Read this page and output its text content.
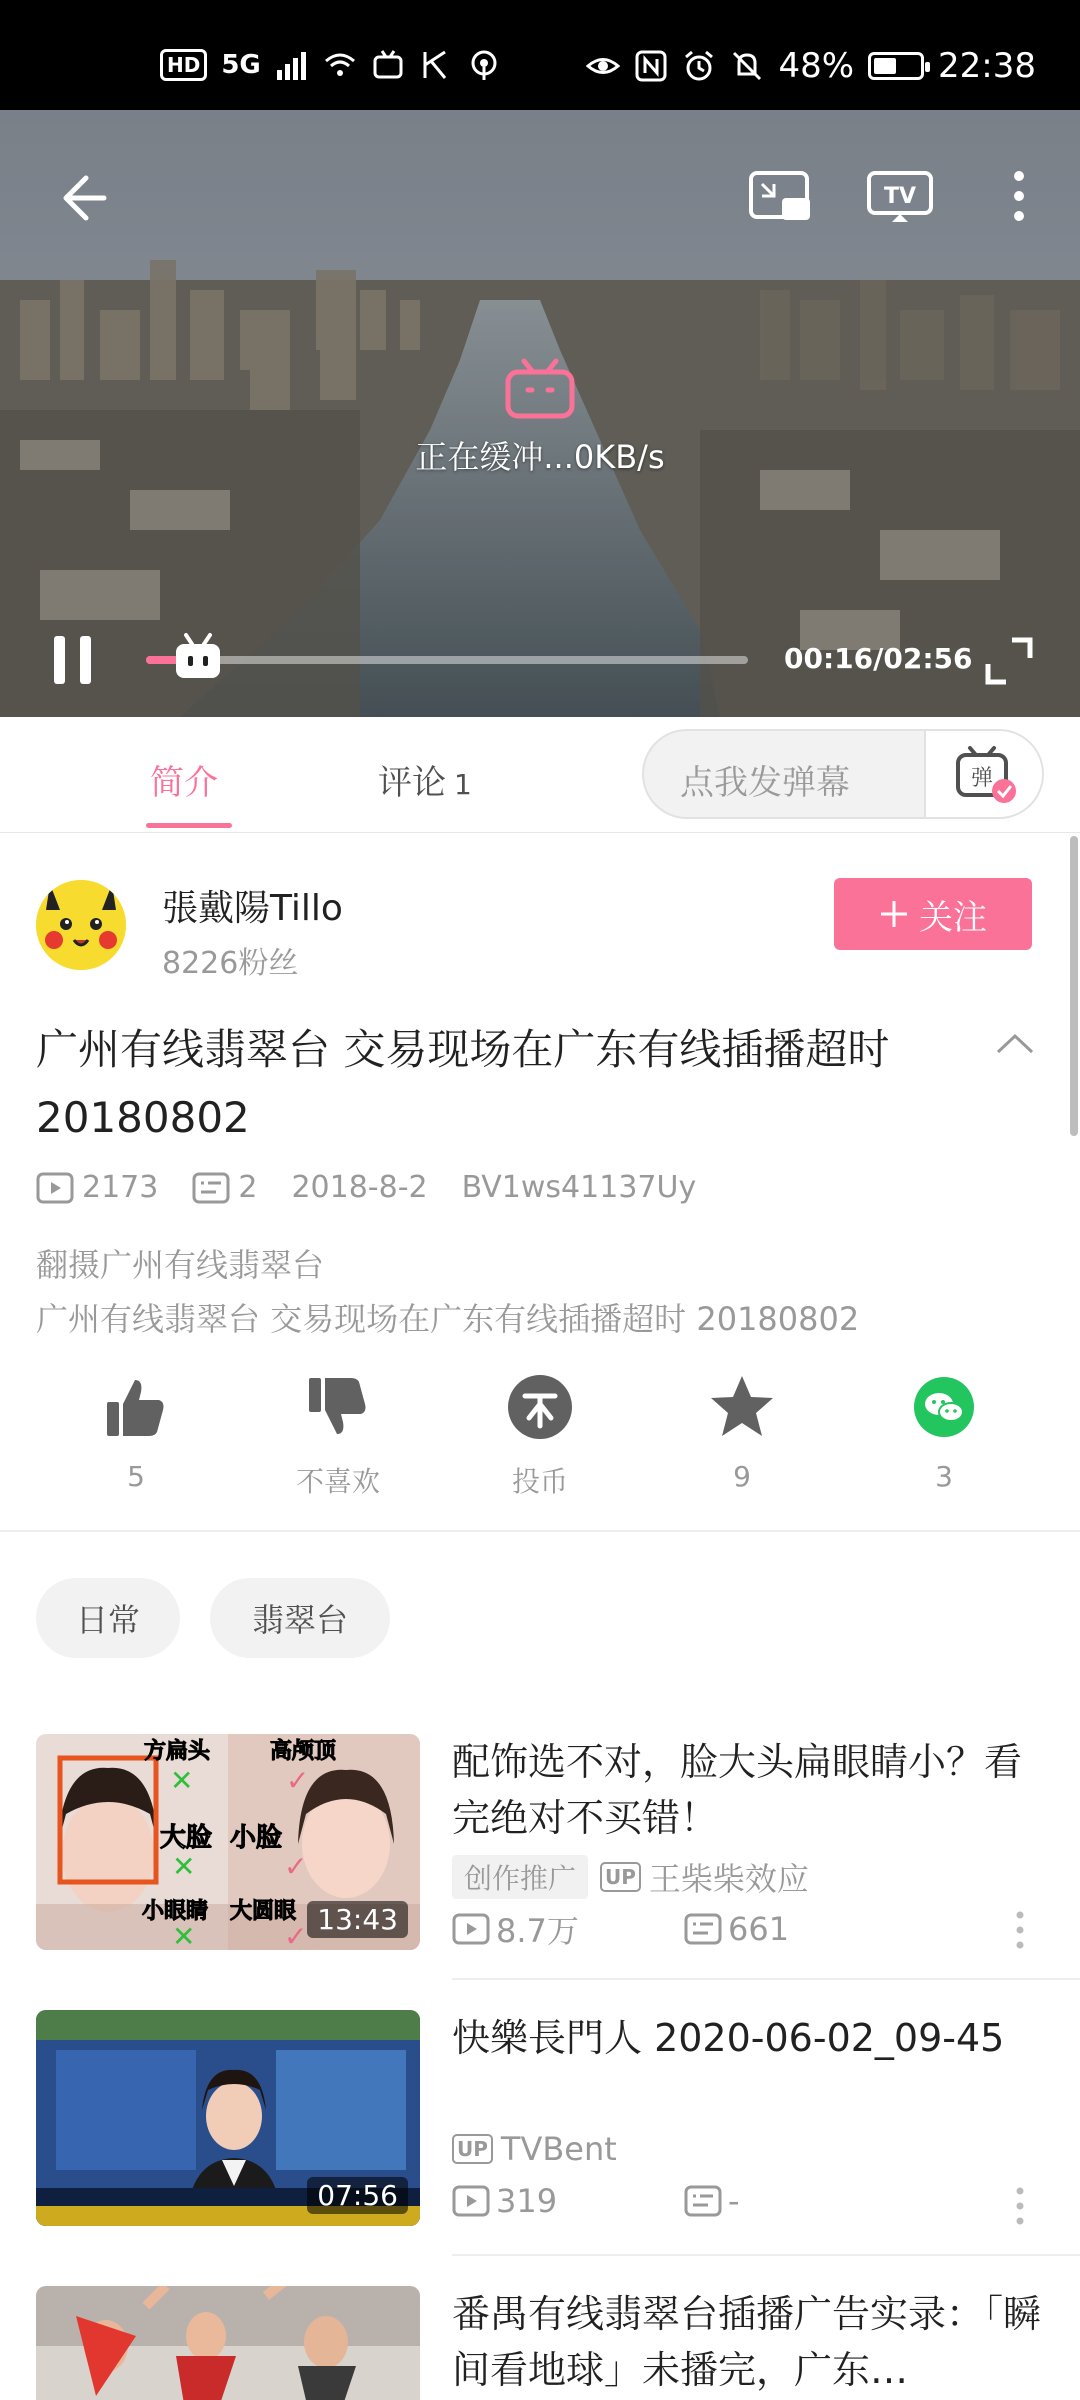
HD 5G	48% 22:38
TV
正在缓冲...0KB/s
00:16/02:56
简介	评论 1	点我发弹幕	弹
張戴陽Tillo
8226粉丝
关注
广州有线翡翠台 交易现场在广东有线插播超时 20180802
2173	2 2018-8-2 BV1ws41137Uy
翻摄广州有线翡翠台
广州有线翡翠台 交易现场在广东有线插播超时 20180802
5	不喜欢	投币	9	3
日常	翡翠台
方扁头	高颅顶
大脸 小脸
小眼睛 大圆眼
✕	✓
✕	✓
✕	✓
13:43
配饰选不对，脸大头扁眼睛小？看完绝对不买错！
创作推广	UP 王柴柴效应
8.7万	661
07:56
快樂長門人 2020-06-02_09-45
UP TVBent
319	-
番禺有线翡翠台插播广告实录：「瞬间看地球」未播完，广东…
